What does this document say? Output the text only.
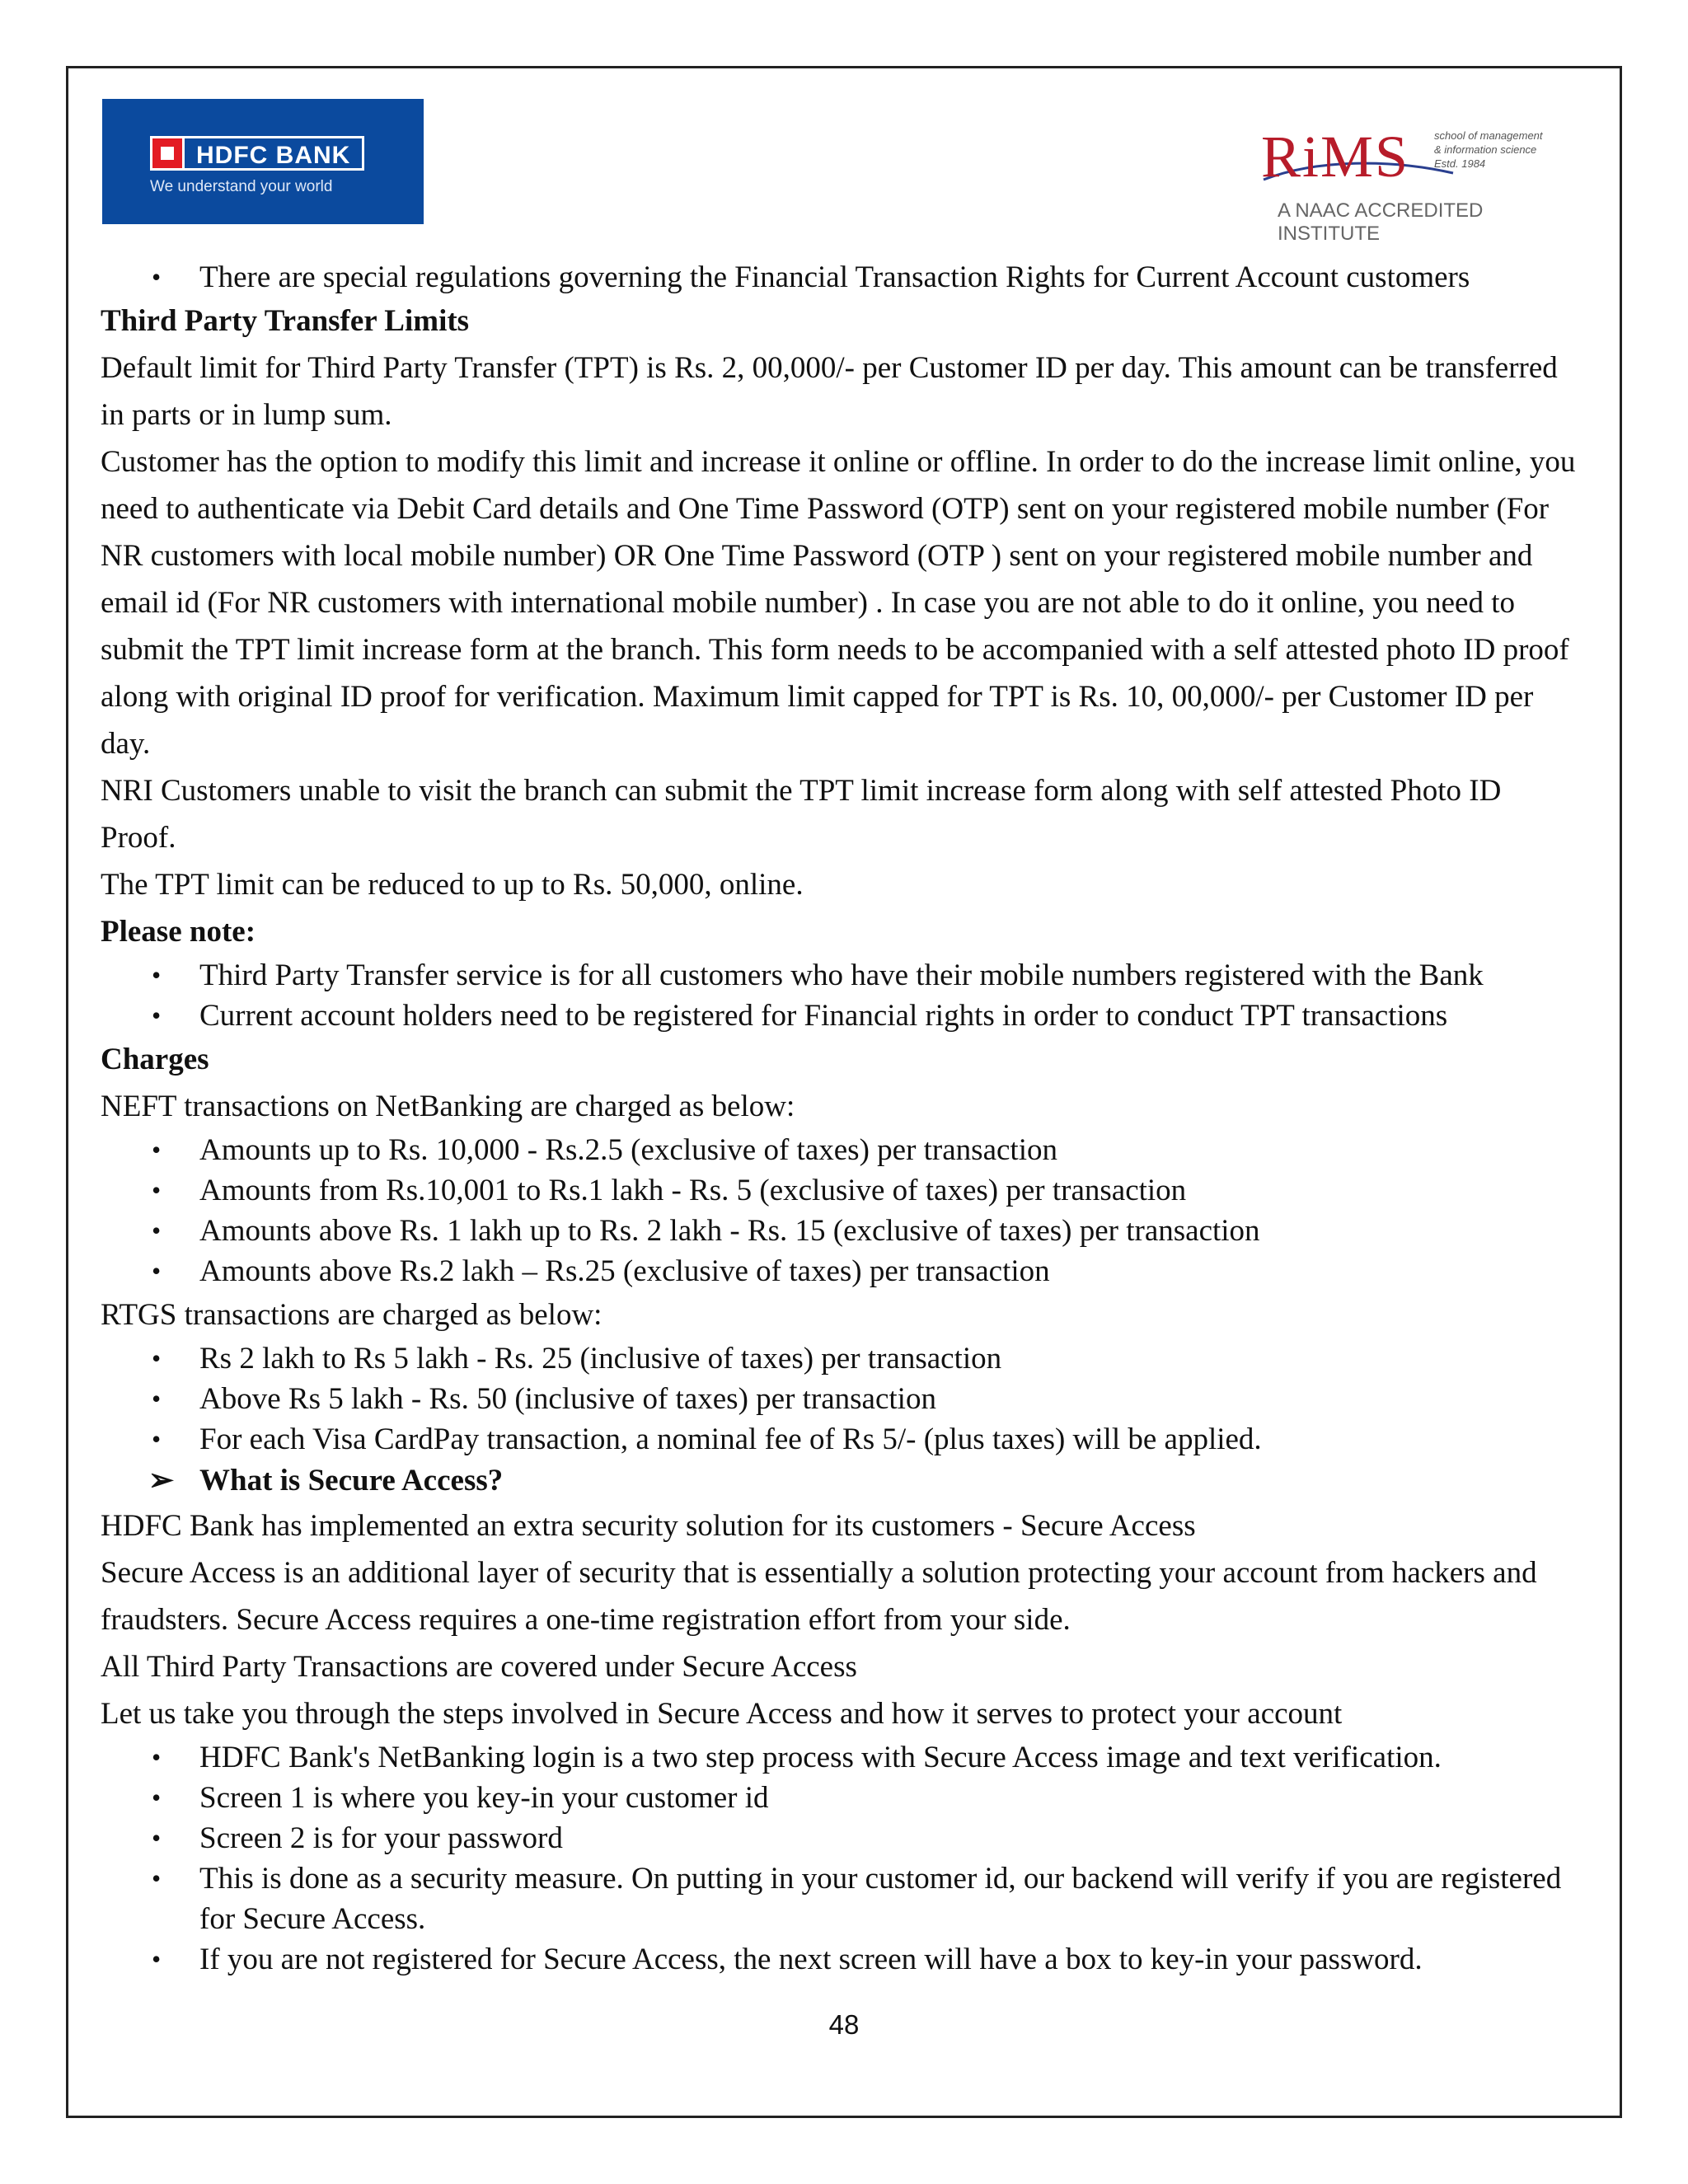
HDFC BANK
We understand your world	RiMS school of management
& information science
Estd. 1984
A NAAC ACCREDITED INSTITUTE
• There are special regulations governing the Financial Transaction Rights for Current Account customers

Third Party Transfer Limits

Default limit for Third Party Transfer (TPT) is Rs. 2, 00,000/- per Customer ID per day. This amount can be transferred in parts or in lump sum.

Customer has the option to modify this limit and increase it online or offline. In order to do the increase limit online, you need to authenticate via Debit Card details and One Time Password (OTP) sent on your registered mobile number (For NR customers with local mobile number) OR One Time Password (OTP ) sent on your registered mobile number and email id (For NR customers with international mobile number) . In case you are not able to do it online, you need to submit the TPT limit increase form at the branch. This form needs to be accompanied with a self attested photo ID proof along with original ID proof for verification. Maximum limit capped for TPT is Rs. 10, 00,000/- per Customer ID per day.

NRI Customers unable to visit the branch can submit the TPT limit increase form along with self attested Photo ID Proof.

The TPT limit can be reduced to up to Rs. 50,000, online.

Please note:

• Third Party Transfer service is for all customers who have their mobile numbers registered with the Bank
• Current account holders need to be registered for Financial rights in order to conduct TPT transactions

Charges

NEFT transactions on NetBanking are charged as below:

• Amounts up to Rs. 10,000 - Rs.2.5 (exclusive of taxes) per transaction
• Amounts from Rs.10,001 to Rs.1 lakh - Rs. 5 (exclusive of taxes) per transaction
• Amounts above Rs. 1 lakh up to Rs. 2 lakh - Rs. 15 (exclusive of taxes) per transaction
• Amounts above Rs.2 lakh – Rs.25 (exclusive of taxes) per transaction

RTGS transactions are charged as below:

• Rs 2 lakh to Rs 5 lakh - Rs. 25 (inclusive of taxes) per transaction
• Above Rs 5 lakh - Rs. 50 (inclusive of taxes) per transaction
• For each Visa CardPay transaction, a nominal fee of Rs 5/- (plus taxes) will be applied.
➢ What is Secure Access?

HDFC Bank has implemented an extra security solution for its customers - Secure Access

Secure Access is an additional layer of security that is essentially a solution protecting your account from hackers and fraudsters. Secure Access requires a one-time registration effort from your side.

All Third Party Transactions are covered under Secure Access

Let us take you through the steps involved in Secure Access and how it serves to protect your account

• HDFC Bank's NetBanking login is a two step process with Secure Access image and text verification.
• Screen 1 is where you key-in your customer id
• Screen 2 is for your password
• This is done as a security measure. On putting in your customer id, our backend will verify if you are registered for Secure Access.
• If you are not registered for Secure Access, the next screen will have a box to key-in your password.
48
